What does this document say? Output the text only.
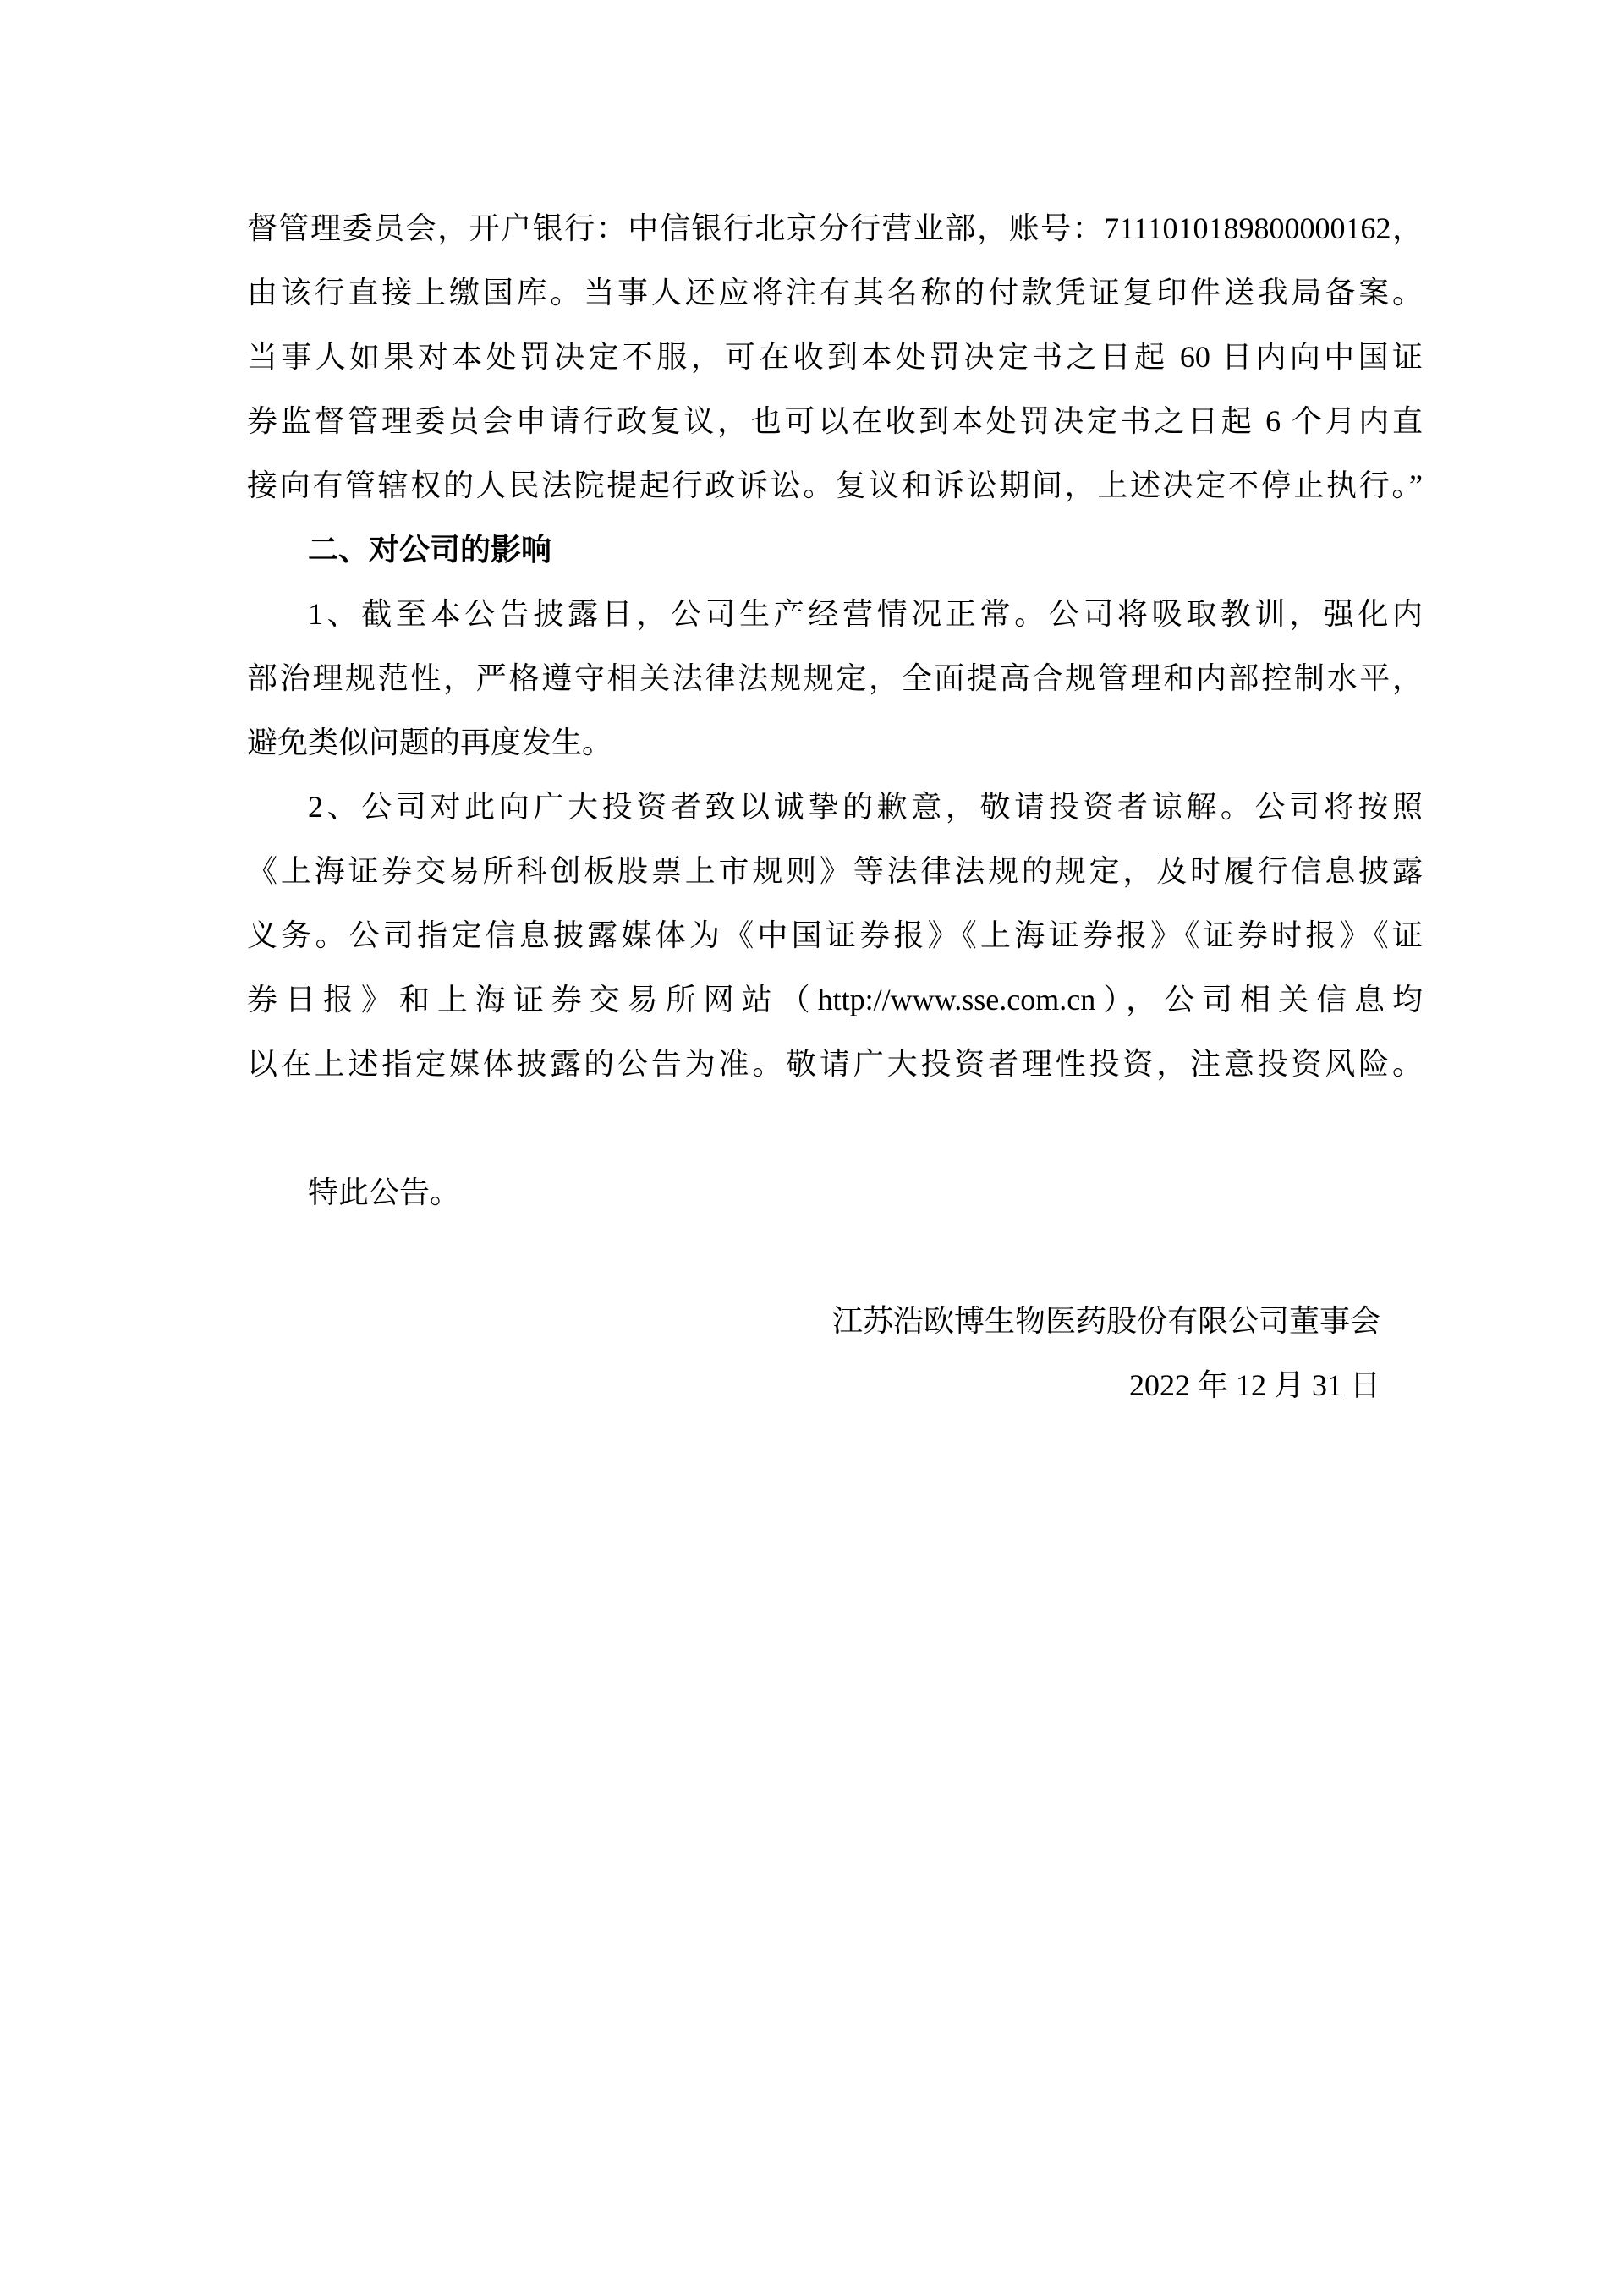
督管理委员会，开户银行：中信银行北京分行营业部，账号：7111010189800000162，
由该行直接上缴国库。当事人还应将注有其名称的付款凭证复印件送我局备案。
当事人如果对本处罚决定不服，可在收到本处罚决定书之日起 60 日内向中国证
券监督管理委员会申请行政复议，也可以在收到本处罚决定书之日起 6 个月内直
接向有管辖权的人民法院提起行政诉讼。复议和诉讼期间，上述决定不停止执行。”
二、对公司的影响
1、截至本公告披露日，公司生产经营情况正常。公司将吸取教训，强化内
部治理规范性，严格遵守相关法律法规规定，全面提高合规管理和内部控制水平，
避免类似问题的再度发生。
2、公司对此向广大投资者致以诚挚的歉意，敬请投资者谅解。公司将按照
《上海证券交易所科创板股票上市规则》等法律法规的规定，及时履行信息披露
义务。公司指定信息披露媒体为《中国证券报》《上海证券报》《证券时报》《证
券日报》和上海证券交易所网站（http://www.sse.com.cn），公司相关信息均
以在上述指定媒体披露的公告为准。敬请广大投资者理性投资，注意投资风险。
特此公告。
江苏浩欧博生物医药股份有限公司董事会
2022 年 12 月 31 日
